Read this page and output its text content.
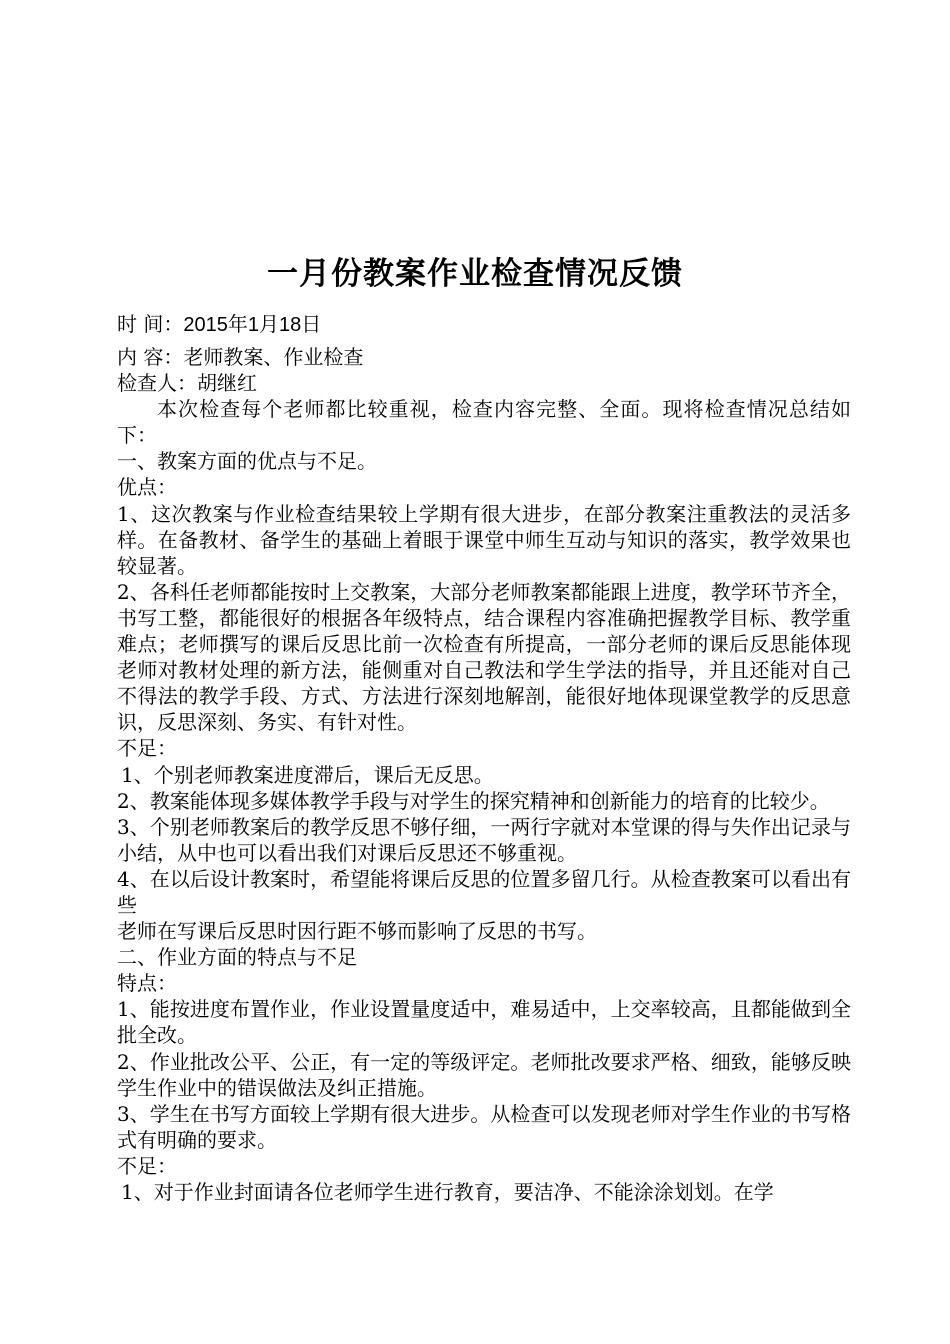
一月份教案作业检查情况反馈
时 间：2015年1月18日

内 容：老师教案、作业检查

检查人：胡继红

本次检查每个老师都比较重视，检查内容完整、全面。现将检查情况总结如下：

一、教案方面的优点与不足。

优点：

1、这次教案与作业检查结果较上学期有很大进步，在部分教案注重教法的灵活多样。在备教材、备学生的基础上着眼于课堂中师生互动与知识的落实，教学效果也较显著。

2、各科任老师都能按时上交教案，大部分老师教案都能跟上进度，教学环节齐全，书写工整，都能很好的根据各年级特点，结合课程内容准确把握教学目标、教学重难点；老师撰写的课后反思比前一次检查有所提高，一部分老师的课后反思能体现老师对教材处理的新方法，能侧重对自己教法和学生学法的指导，并且还能对自己不得法的教学手段、方式、方法进行深刻地解剖，能很好地体现课堂教学的反思意识，反思深刻、务实、有针对性。

不足：

1、个别老师教案进度滞后，课后无反思。

2、教案能体现多媒体教学手段与对学生的探究精神和创新能力的培育的比较少。

3、个别老师教案后的教学反思不够仔细，一两行字就对本堂课的得与失作出记录与小结，从中也可以看出我们对课后反思还不够重视。

4、在以后设计教案时，希望能将课后反思的位置多留几行。从检查教案可以看出有些

老师在写课后反思时因行距不够而影响了反思的书写。

二、作业方面的特点与不足

特点：

1、能按进度布置作业，作业设置量度适中，难易适中，上交率较高，且都能做到全批全改。

2、作业批改公平、公正，有一定的等级评定。老师批改要求严格、细致，能够反映学生作业中的错误做法及纠正措施。

3、学生在书写方面较上学期有很大进步。从检查可以发现老师对学生作业的书写格式有明确的要求。

不足：

1、对于作业封面请各位老师学生进行教育，要洁净、不能涂涂划划。在学
